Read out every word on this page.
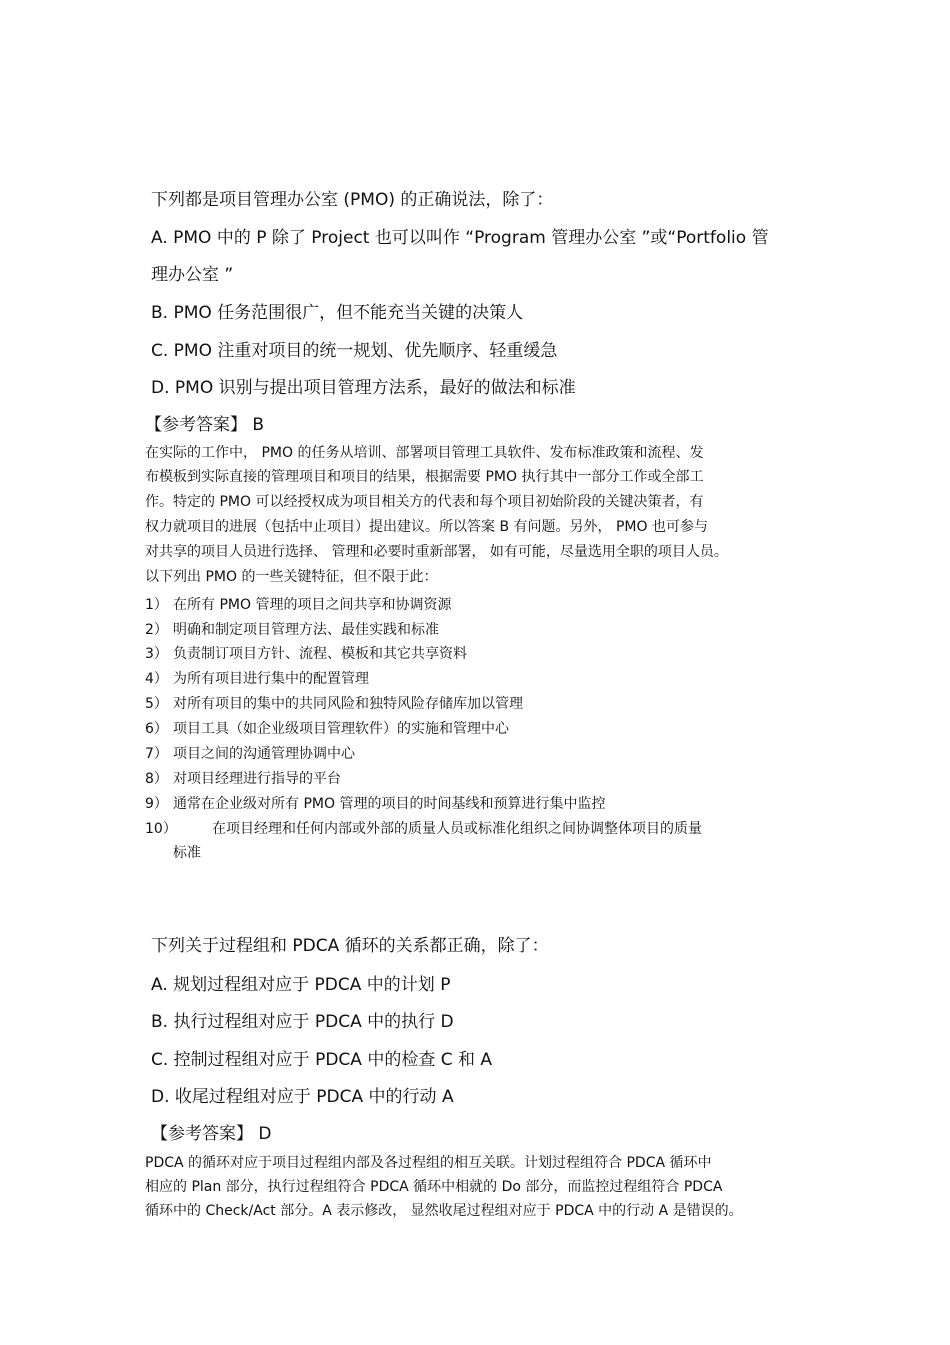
下列都是项目管理办公室 (PMO) 的正确说法，除了：
A. PMO 中的 P 除了 Project 也可以叫作 “Program 管理办公室 ”或“Portfolio 管
理办公室 ”
B. PMO 任务范围很广，但不能充当关键的决策人
C. PMO 注重对项目的统一规划、优先顺序、轻重缓急
D. PMO 识别与提出项目管理方法系，最好的做法和标准
【参考答案】 B
在实际的工作中， PMO 的任务从培训、部署项目管理工具软件、发布标准政策和流程、发
布模板到实际直接的管理项目和项目的结果，根据需要 PMO 执行其中一部分工作或全部工
作。特定的 PMO 可以经授权成为项目相关方的代表和每个项目初始阶段的关键决策者，有
权力就项目的进展（包括中止项目）提出建议。所以答案 B 有问题。另外， PMO 也可参与
对共享的项目人员进行选择、 管理和必要时重新部署， 如有可能，尽量选用全职的项目人员。
以下列出 PMO 的一些关键特征，但不限于此：
1） 在所有 PMO 管理的项目之间共享和协调资源
2） 明确和制定项目管理方法、最佳实践和标准
3） 负责制订项目方针、流程、模板和其它共享资料
4） 为所有项目进行集中的配置管理
5） 对所有项目的集中的共同风险和独特风险存储库加以管理
6） 项目工具（如企业级项目管理软件）的实施和管理中心
7） 项目之间的沟通管理协调中心
8） 对项目经理进行指导的平台
9） 通常在企业级对所有 PMO 管理的项目的时间基线和预算进行集中监控
10）	在项目经理和任何内部或外部的质量人员或标准化组织之间协调整体项目的质量
标准
下列关于过程组和 PDCA 循环的关系都正确，除了：
A. 规划过程组对应于 PDCA 中的计划 P
B. 执行过程组对应于 PDCA 中的执行 D
C. 控制过程组对应于 PDCA 中的检查 C 和 A
D. 收尾过程组对应于 PDCA 中的行动 A
【参考答案】 D
PDCA 的循环对应于项目过程组内部及各过程组的相互关联。计划过程组符合 PDCA 循环中
相应的 Plan 部分，执行过程组符合 PDCA 循环中相就的 Do 部分，而监控过程组符合 PDCA
循环中的 Check/Act 部分。A 表示修改， 显然收尾过程组对应于 PDCA 中的行动 A 是错误的。
